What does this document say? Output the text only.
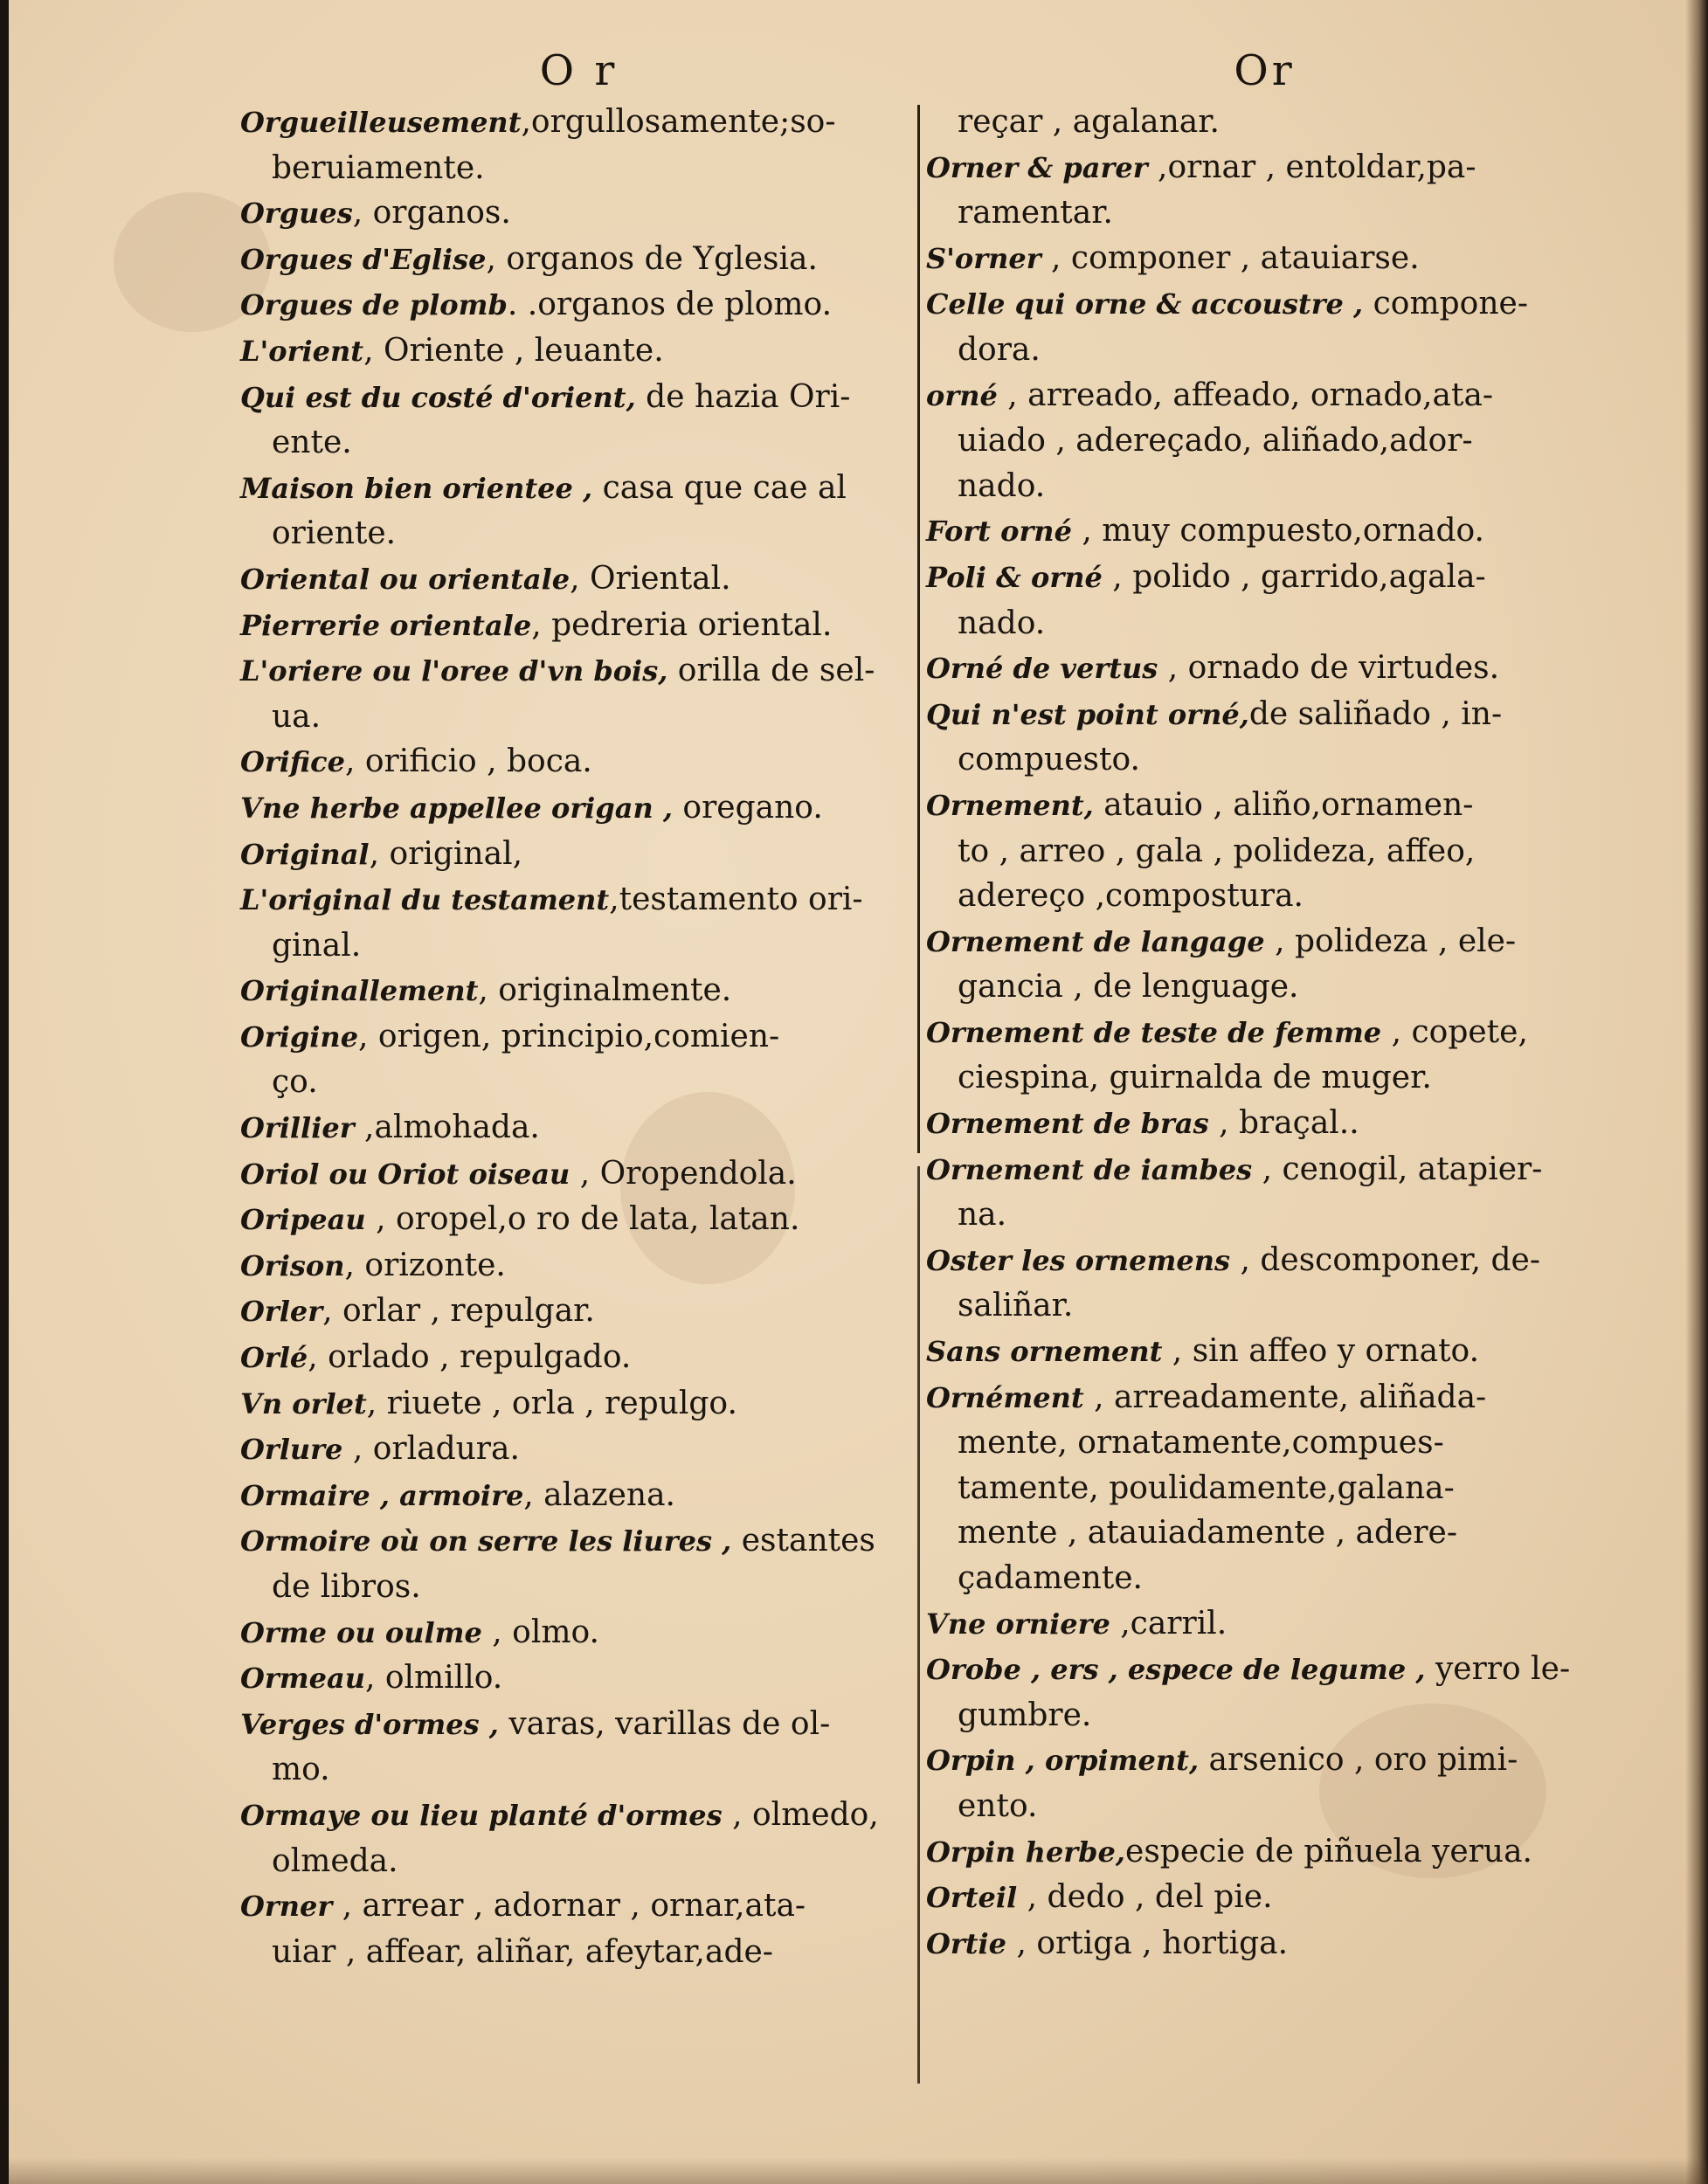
O r

Orgueilleusement,orgullosamente;so-

beruiamente.

Orgues, organos.

Orgues d'Eglise, organos de Yglesia.

Orgues de plomb. .organos de plomo.

L'orient, Oriente , leuante.

Qui est du costé d'orient, de hazia Ori-

ente.

Maison bien orientee , casa que cae al

oriente.

Oriental ou orientale, Oriental.

Pierrerie orientale, pedreria oriental.

L'oriere ou l'oree d'vn bois, orilla de sel-

ua.

Orifice, orificio , boca.

Vne herbe appellee origan , oregano.

Original, original,

L'original du testament,testamento ori-

ginal.

Originallement, originalmente.

Origine, origen, principio,comien-

ço.

Orillier ,almohada.

Oriol ou Oriot oiseau , Oropendola.

Oripeau , oropel,o ro de lata, latan.

Orison, orizonte.

Orler, orlar , repulgar.

Orlé, orlado , repulgado.

Vn orlet, riuete , orla , repulgo.

Orlure , orladura.

Ormaire , armoire, alazena.

Ormoire où on serre les liures , estantes

de libros.

Orme ou oulme , olmo.

Ormeau, olmillo.

Verges d'ormes , varas, varillas de ol-

mo.

Ormaye ou lieu planté d'ormes , olmedo,

olmeda.

Orner , arrear , adornar , ornar,ata-

uiar , affear, aliñar, afeytar,ade-

Or

reçar , agalanar.

Orner & parer ,ornar , entoldar,pa-

ramentar.

S'orner , componer , atauiarse.

Celle qui orne & accoustre , compone-

dora.

orné , arreado, affeado, ornado,ata-

uiado , adereçado, aliñado,ador-

nado.

Fort orné , muy compuesto,ornado.

Poli & orné , polido , garrido,agala-

nado.

Orné de vertus , ornado de virtudes.

Qui n'est point orné,de saliñado , in-

compuesto.

Ornement, atauio , aliño,ornamen-

to , arreo , gala , polideza, affeo,

adereço ,compostura.

Ornement de langage , polideza , ele-

gancia , de lenguage.

Ornement de teste de femme , copete,

ciespina, guirnalda de muger.

Ornement de bras , braçal..

Ornement de iambes , cenogil, atapier-

na.

Oster les ornemens , descomponer, de-

saliñar.

Sans ornement , sin affeo y ornato.

Ornément , arreadamente, aliñada-

mente, ornatamente,compues-

tamente, poulidamente,galana-

mente , atauiadamente , adere-

çadamente.

Vne orniere ,carril.

Orobe , ers , espece de legume , yerro le-

gumbre.

Orpin , orpiment, arsenico , oro pimi-

ento.

Orpin herbe,especie de piñuela yerua.

Orteil , dedo , del pie.

Ortie , ortiga , hortiga.
